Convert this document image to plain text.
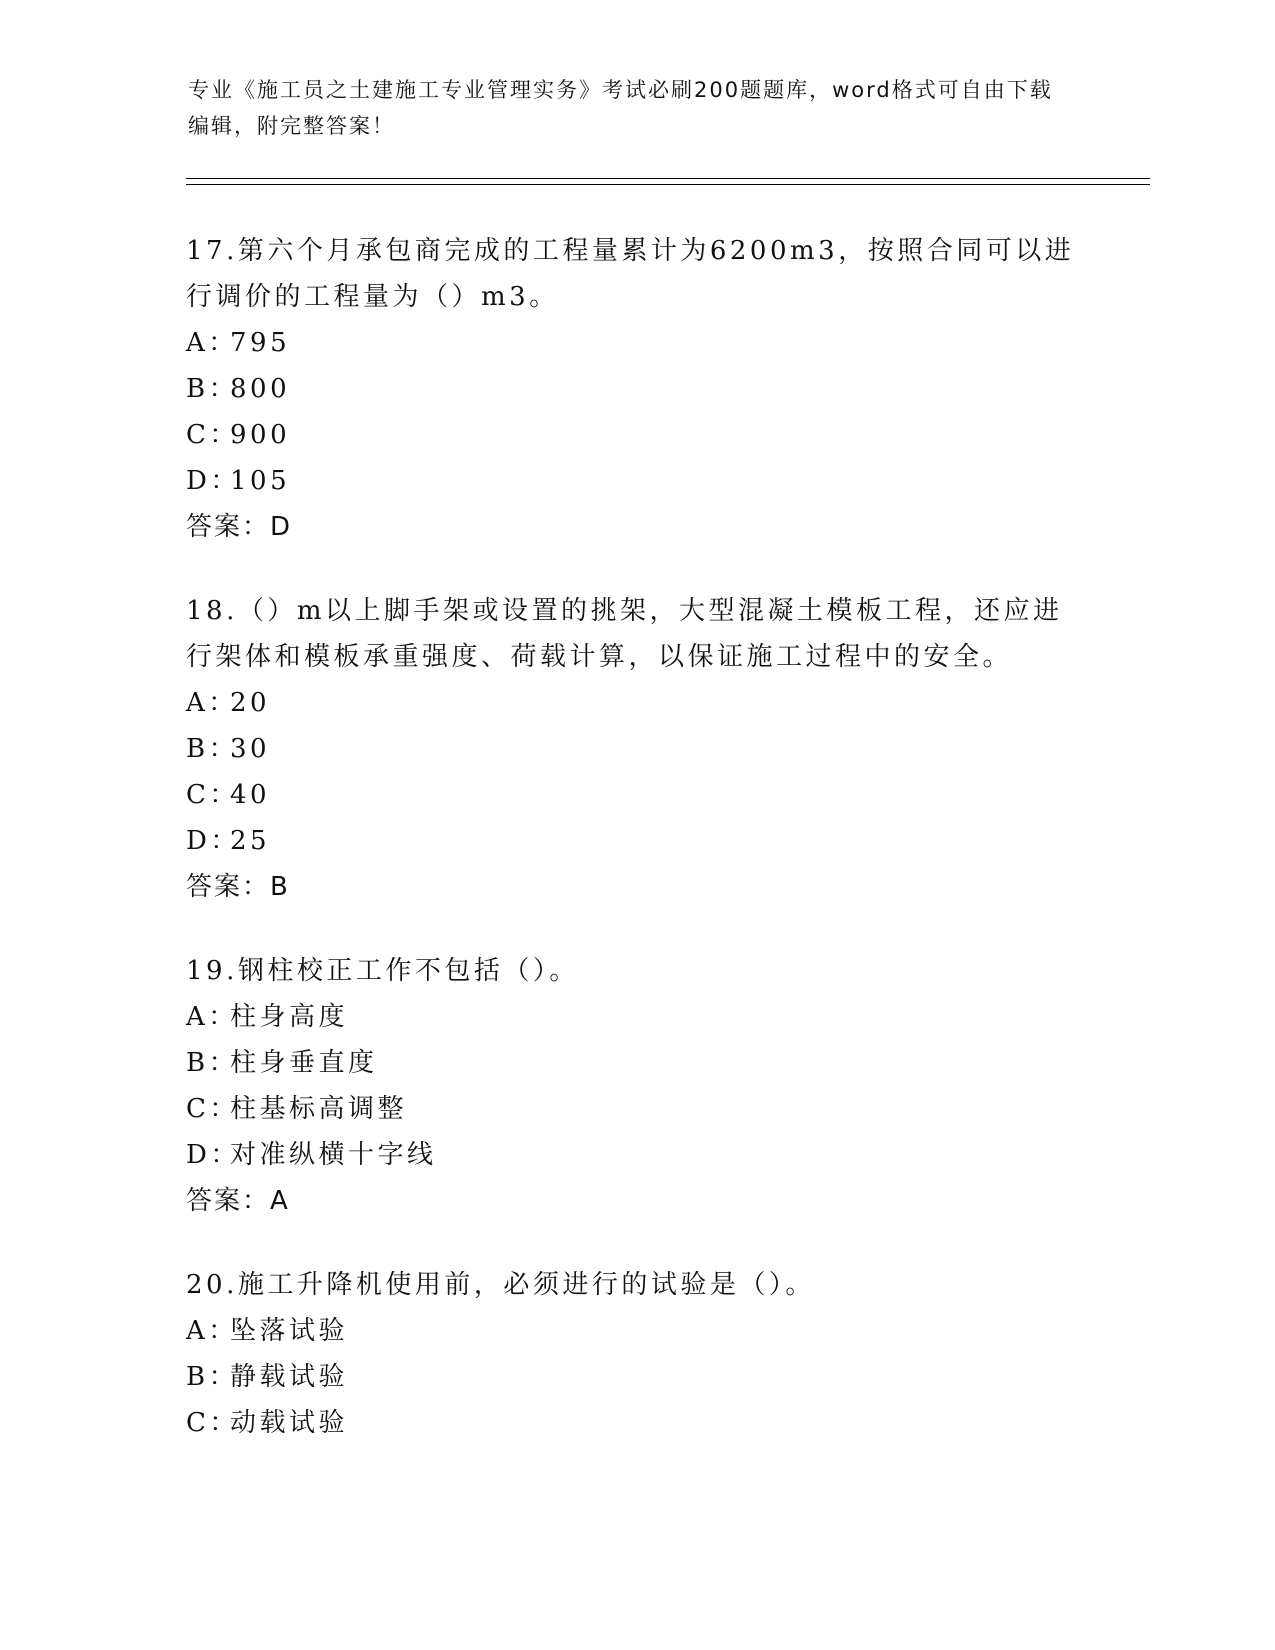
专业《施工员之土建施工专业管理实务》考试必刷200题题库，word格式可自由下载编辑，附完整答案！
17.第六个月承包商完成的工程量累计为6200m3，按照合同可以进行调价的工程量为（）m3。
A：795
B：800
C：900
D：105
答案：D
18.（）m以上脚手架或设置的挑架，大型混凝土模板工程，还应进行架体和模板承重强度、荷载计算，以保证施工过程中的安全。
A：20
B：30
C：40
D：25
答案：B
19.钢柱校正工作不包括（）。
A：柱身高度
B：柱身垂直度
C：柱基标高调整
D：对准纵横十字线
答案：A
20.施工升降机使用前，必须进行的试验是（）。
A：坠落试验
B：静载试验
C：动载试验
